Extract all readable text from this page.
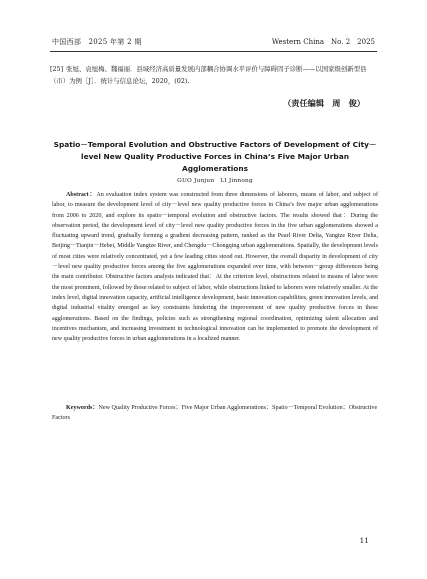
中国西部　2025 年第 2 期	Western China　No. 2　2025
[25] 张旭、袁旭梅、魏福丽．县域经济高质量发展内部耦合协调水平评价与障碍因子诊断——以国家级创新型县（市）为例［J］．统计与信息论坛，2020，(02).
（责任编辑　周　俊）
Spatio－Temporal Evolution and Obstructive Factors of Development of City－
level New Quality Productive Forces in China’s Five Major Urban Agglomerations
GUO Junjun　LI Jinnong

Abstract：An evaluation index system was constructed from three dimensions of laborers, means of labor, and subject of labor, to measure the development level of city－level new quality productive forces in China’s five major urban agglomerations from 2006 to 2020, and explore its spatio－temporal evolution and obstructive factors. The results showed that：During the observation period, the development level of city－level new quality productive forces in the five urban agglomerations showed a fluctuating upward trend, gradually forming a gradient decreasing pattern, ranked as the Pearl River Delta, Yangtze River Delta, Beijing－Tianjin－Hebei, Middle Yangtze River, and Chengdu－Chongqing urban agglomerations. Spatially, the development levels of most cities were relatively concentrated, yet a few leading cities stood out. However, the overall disparity in development of city－level new quality productive forces among the five agglomerations expanded over time, with between－group differences being the main contributor. Obstructive factors analysis indicated that：At the criterion level, obstructions related to means of labor were the most prominent, followed by those related to subject of labor, while obstructions linked to laborers were relatively smaller. At the index level, digital innovation capacity, artificial intelligence development, basic innovation capabilities, green innovation levels, and digital industrial vitality emerged as key constraints hindering the improvement of new quality productive forces in these agglomerations. Based on the findings, policies such as strengthening regional coordination, optimizing talent allocation and incentives mechanism, and increasing investment in technological innovation can be implemented to promote the development of new quality productive forces in urban agglomerations in a localized manner.

Keywords：New Quality Productive Forces；Five Major Urban Agglomerations；Spatio－Temporal Evolution；Obstructive Factors

11
